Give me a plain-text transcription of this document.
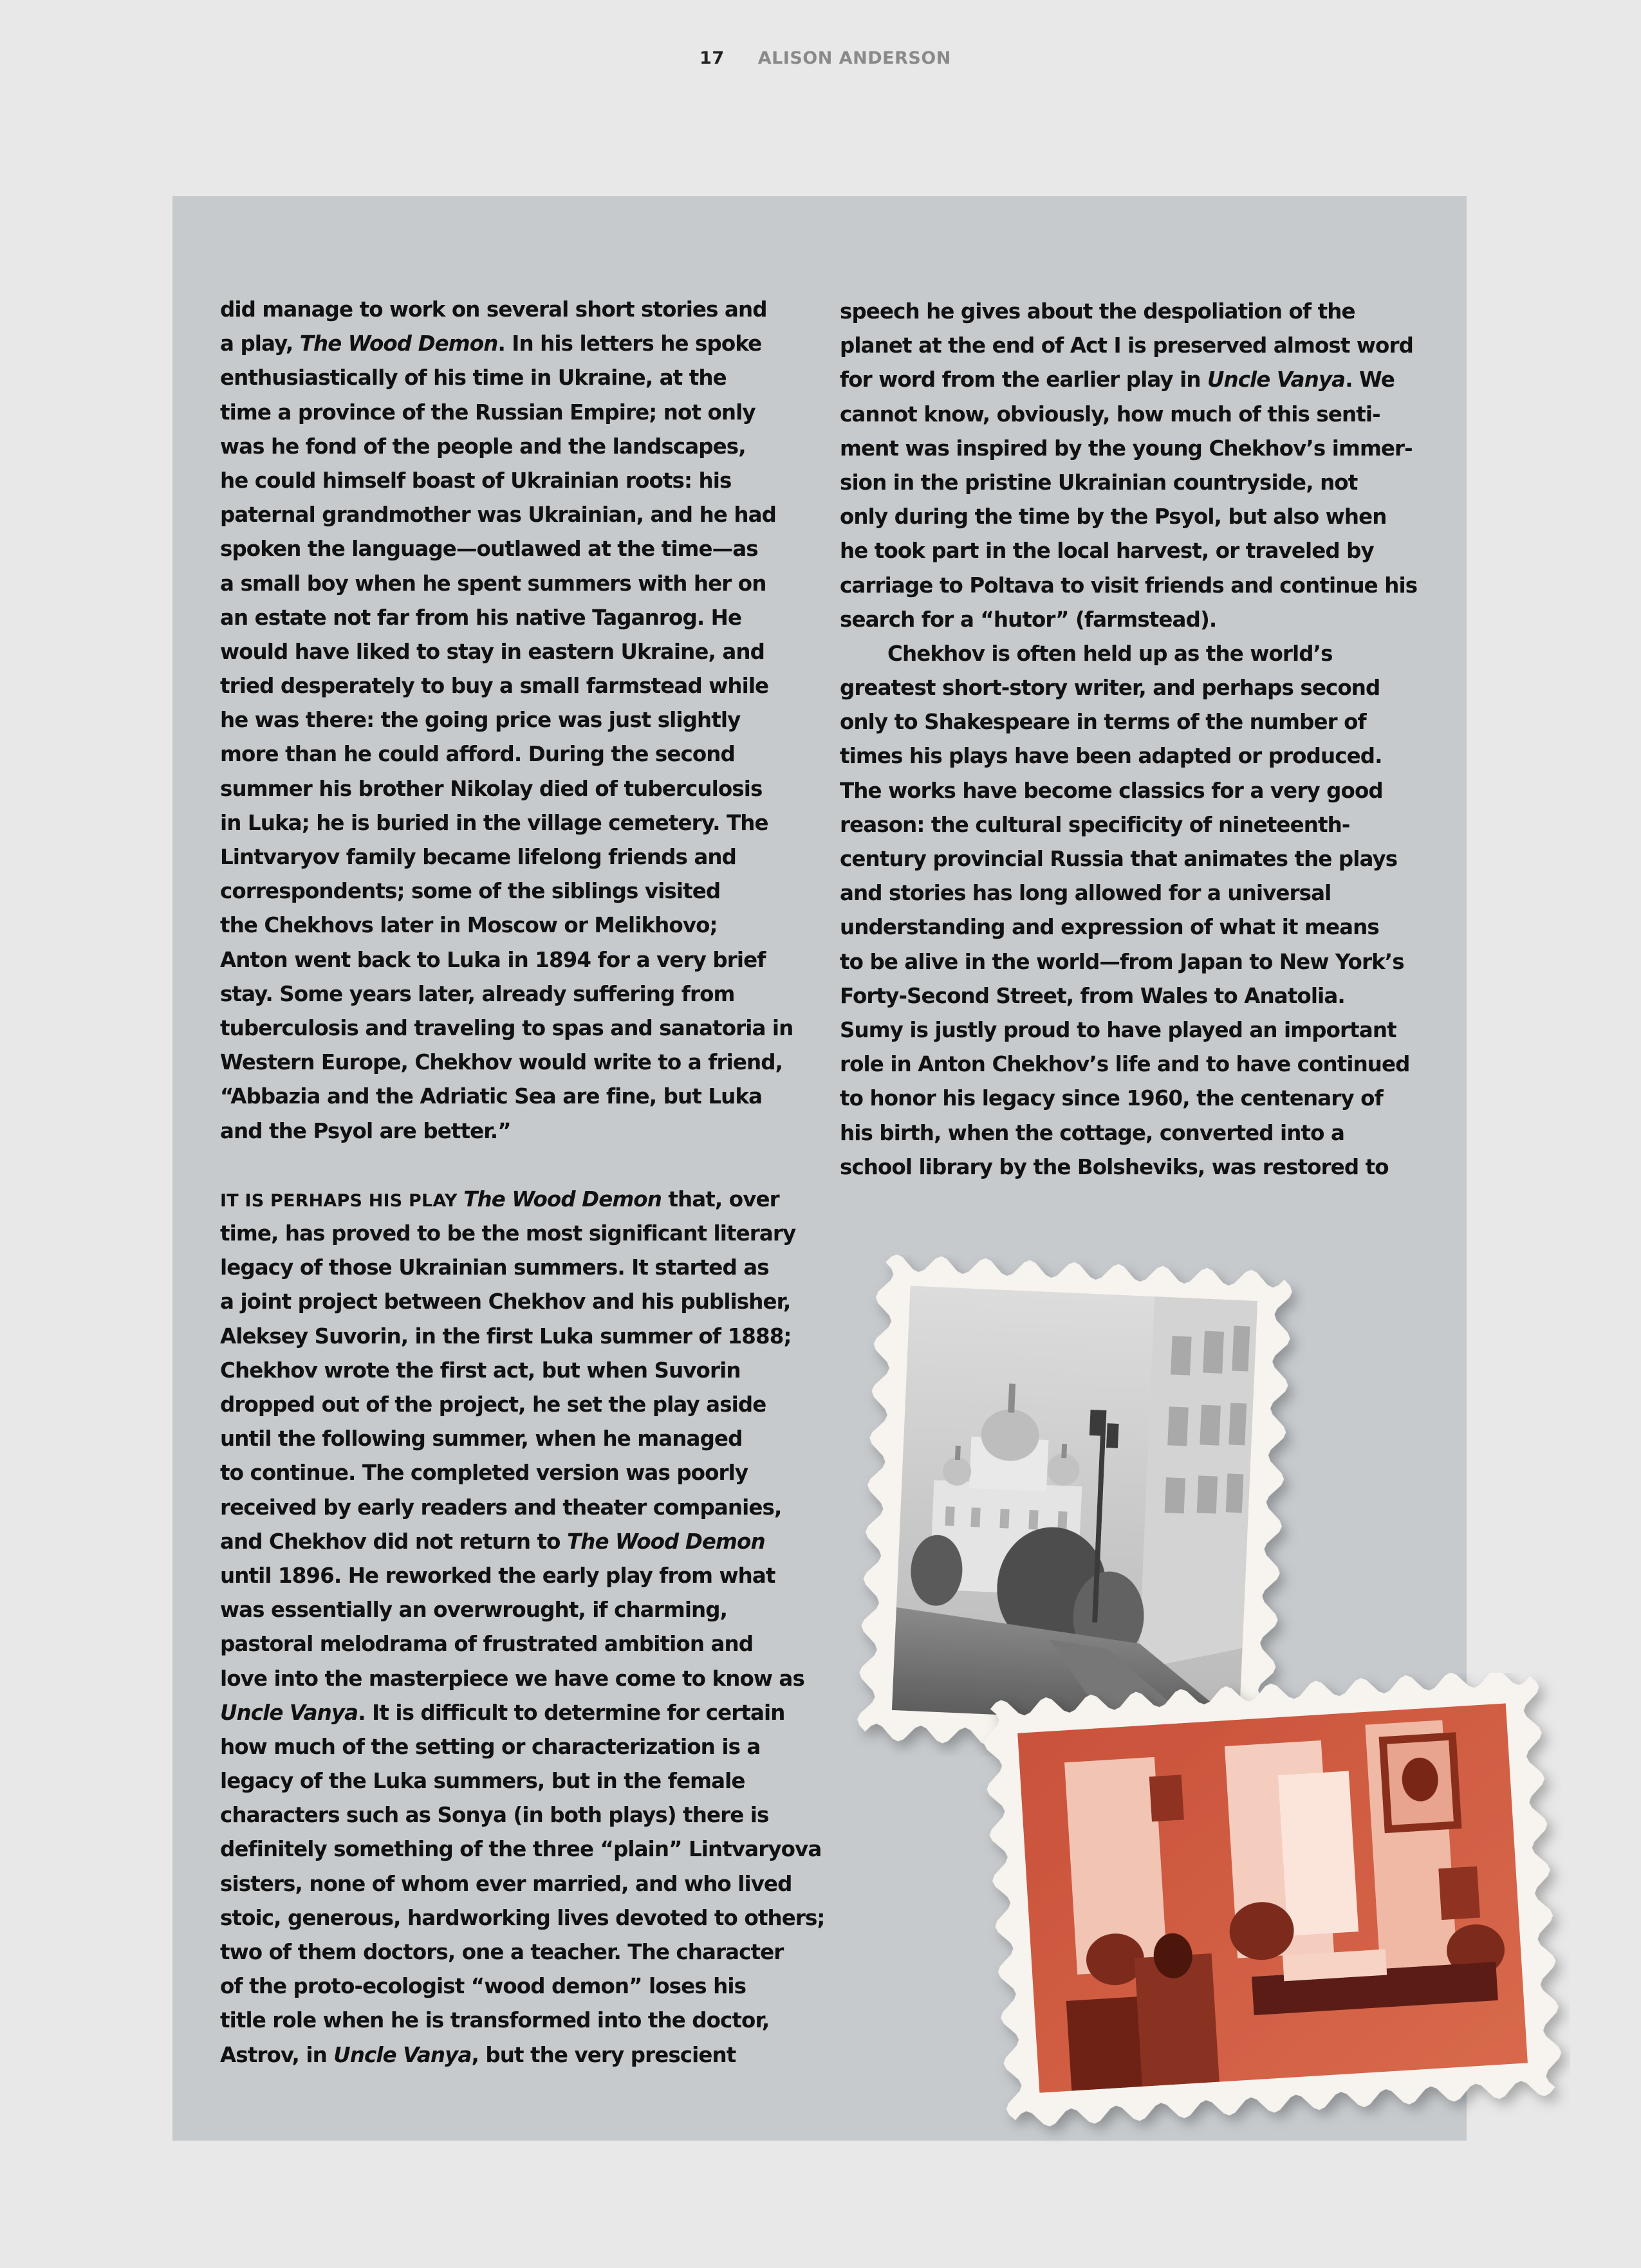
17 ALISON ANDERSON
did manage to work on several short stories and
a play, The Wood Demon. In his letters he spoke
enthusiastically of his time in Ukraine, at the
time a province of the Russian Empire; not only
was he fond of the people and the landscapes,
he could himself boast of Ukrainian roots: his
paternal grandmother was Ukrainian, and he had
spoken the language—outlawed at the time—as
a small boy when he spent summers with her on
an estate not far from his native Taganrog. He
would have liked to stay in eastern Ukraine, and
tried desperately to buy a small farmstead while
he was there: the going price was just slightly
more than he could afford. During the second
summer his brother Nikolay died of tuberculosis
in Luka; he is buried in the village cemetery. The
Lintvaryov family became lifelong friends and
correspondents; some of the siblings visited
the Chekhovs later in Moscow or Melikhovo;
Anton went back to Luka in 1894 for a very brief
stay. Some years later, already suffering from
tuberculosis and traveling to spas and sanatoria in
Western Europe, Chekhov would write to a friend,
“Abbazia and the Adriatic Sea are fine, but Luka
and the Psyol are better.”
IT IS PERHAPS HIS PLAY The Wood Demon that, over
time, has proved to be the most significant literary
legacy of those Ukrainian summers. It started as
a joint project between Chekhov and his publisher,
Aleksey Suvorin, in the first Luka summer of 1888;
Chekhov wrote the first act, but when Suvorin
dropped out of the project, he set the play aside
until the following summer, when he managed
to continue. The completed version was poorly
received by early readers and theater companies,
and Chekhov did not return to The Wood Demon
until 1896. He reworked the early play from what
was essentially an overwrought, if charming,
pastoral melodrama of frustrated ambition and
love into the masterpiece we have come to know as
Uncle Vanya. It is difficult to determine for certain
how much of the setting or characterization is a
legacy of the Luka summers, but in the female
characters such as Sonya (in both plays) there is
definitely something of the three “plain” Lintvaryova
sisters, none of whom ever married, and who lived
stoic, generous, hardworking lives devoted to others;
two of them doctors, one a teacher. The character
of the proto-ecologist “wood demon” loses his
title role when he is transformed into the doctor,
Astrov, in Uncle Vanya, but the very prescient
speech he gives about the despoliation of the
planet at the end of Act I is preserved almost word
for word from the earlier play in Uncle Vanya. We
cannot know, obviously, how much of this senti-
ment was inspired by the young Chekhov’s immer-
sion in the pristine Ukrainian countryside, not
only during the time by the Psyol, but also when
he took part in the local harvest, or traveled by
carriage to Poltava to visit friends and continue his
search for a “hutor” (farmstead).
Chekhov is often held up as the world’s
greatest short-story writer, and perhaps second
only to Shakespeare in terms of the number of
times his plays have been adapted or produced.
The works have become classics for a very good
reason: the cultural specificity of nineteenth-
century provincial Russia that animates the plays
and stories has long allowed for a universal
understanding and expression of what it means
to be alive in the world—from Japan to New York’s
Forty-Second Street, from Wales to Anatolia.
Sumy is justly proud to have played an important
role in Anton Chekhov’s life and to have continued
to honor his legacy since 1960, the centenary of
his birth, when the cottage, converted into a
school library by the Bolsheviks, was restored to
